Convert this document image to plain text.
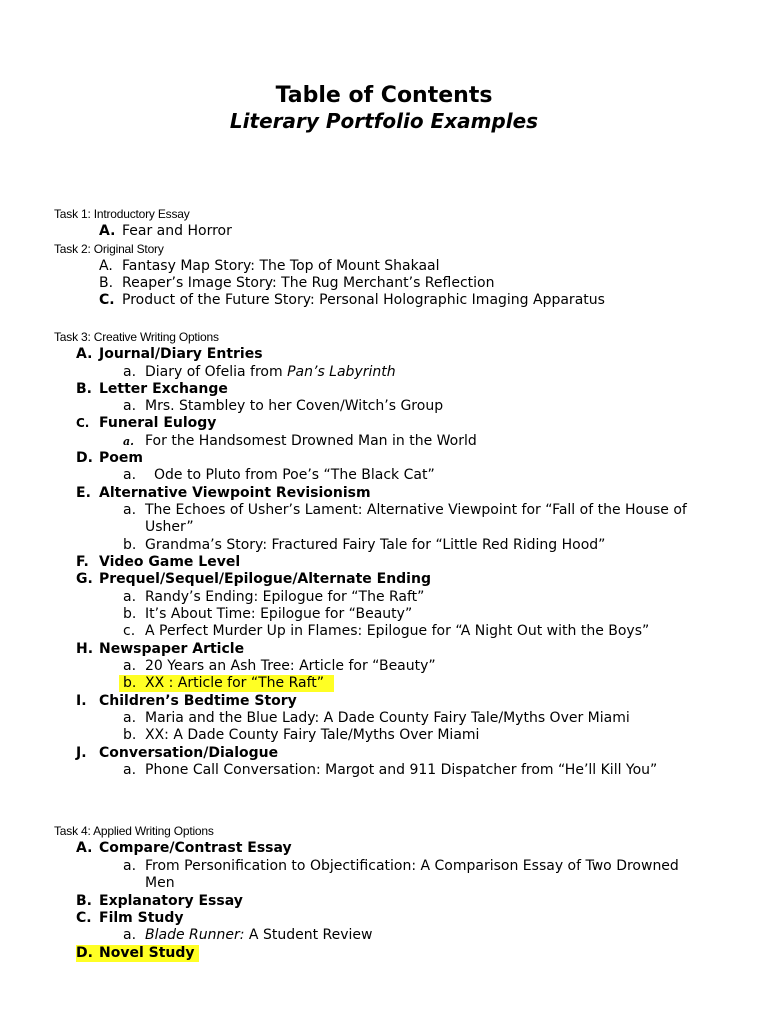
Table of Contents
Literary Portfolio Examples
Task 1: Introductory Essay
A. Fear and Horror
Task 2: Original Story
A. Fantasy Map Story: The Top of Mount Shakaal
B. Reaper’s Image Story: The Rug Merchant’s Reflection
C. Product of the Future Story: Personal Holographic Imaging Apparatus
Task 3: Creative Writing Options
A. Journal/Diary Entries
a. Diary of Ofelia from Pan’s Labyrinth
B. Letter Exchange
a. Mrs. Stambley to her Coven/Witch’s Group
C. Funeral Eulogy
a. For the Handsomest Drowned Man in the World
D. Poem
a. Ode to Pluto from Poe’s “The Black Cat”
E. Alternative Viewpoint Revisionism
a. The Echoes of Usher’s Lament: Alternative Viewpoint for “Fall of the House of
Usher”
b. Grandma’s Story: Fractured Fairy Tale for “Little Red Riding Hood”
F. Video Game Level
G. Prequel/Sequel/Epilogue/Alternate Ending
a. Randy’s Ending: Epilogue for “The Raft”
b. It’s About Time: Epilogue for “Beauty”
c. A Perfect Murder Up in Flames: Epilogue for “A Night Out with the Boys”
H. Newspaper Article
a. 20 Years an Ash Tree: Article for “Beauty”
b. XX : Article for “The Raft”
I. Children’s Bedtime Story
a. Maria and the Blue Lady: A Dade County Fairy Tale/Myths Over Miami
b. XX: A Dade County Fairy Tale/Myths Over Miami
J. Conversation/Dialogue
a. Phone Call Conversation: Margot and 911 Dispatcher from “He’ll Kill You”
Task 4: Applied Writing Options
A. Compare/Contrast Essay
a. From Personification to Objectification: A Comparison Essay of Two Drowned
Men
B. Explanatory Essay
C. Film Study
a. Blade Runner: A Student Review
D. Novel Study
